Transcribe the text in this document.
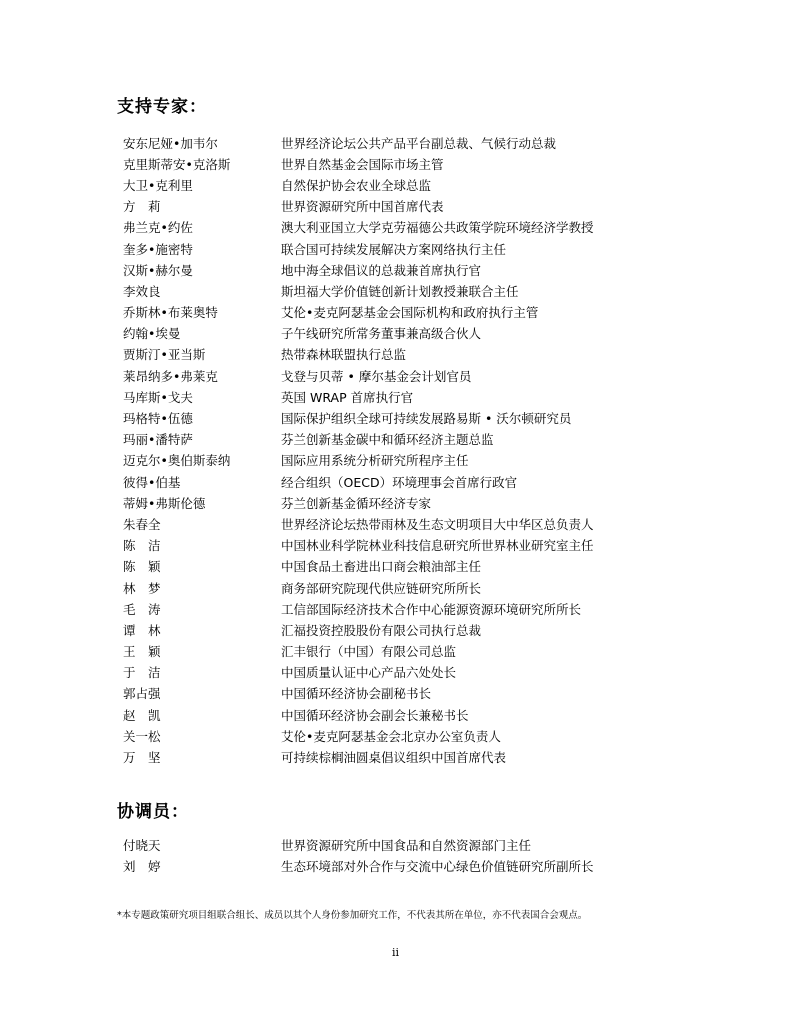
支持专家：
安东尼娅•加韦尔	世界经济论坛公共产品平台副总裁、气候行动总裁
克里斯蒂安•克洛斯	世界自然基金会国际市场主管
大卫•克利里	自然保护协会农业全球总监
方　莉	世界资源研究所中国首席代表
弗兰克•约佐	澳大利亚国立大学克劳福德公共政策学院环境经济学教授
奎多•施密特	联合国可持续发展解决方案网络执行主任
汉斯•赫尔曼	地中海全球倡议的总裁兼首席执行官
李效良	斯坦福大学价值链创新计划教授兼联合主任
乔斯林•布莱奥特	艾伦•麦克阿瑟基金会国际机构和政府执行主管
约翰•埃曼	子午线研究所常务董事兼高级合伙人
贾斯汀•亚当斯	热带森林联盟执行总监
莱昂纳多•弗莱克	戈登与贝蒂 • 摩尔基金会计划官员
马库斯•戈夫	英国 WRAP 首席执行官
玛格特•伍德	国际保护组织全球可持续发展路易斯 • 沃尔顿研究员
玛丽•潘特萨	芬兰创新基金碳中和循环经济主题总监
迈克尔•奥伯斯泰纳	国际应用系统分析研究所程序主任
彼得•伯基	经合组织（OECD）环境理事会首席行政官
蒂姆•弗斯伦德	芬兰创新基金循环经济专家
朱春全	世界经济论坛热带雨林及生态文明项目大中华区总负责人
陈　洁	中国林业科学院林业科技信息研究所世界林业研究室主任
陈　颖	中国食品土畜进出口商会粮油部主任
林　梦	商务部研究院现代供应链研究所所长
毛　涛	工信部国际经济技术合作中心能源资源环境研究所所长
谭　林	汇福投资控股股份有限公司执行总裁
王　颖	汇丰银行（中国）有限公司总监
于　洁	中国质量认证中心产品六处处长
郭占强	中国循环经济协会副秘书长
赵　凯	中国循环经济协会副会长兼秘书长
关一松	艾伦•麦克阿瑟基金会北京办公室负责人
万　坚	可持续棕榈油圆桌倡议组织中国首席代表
协调员：
付晓天	世界资源研究所中国食品和自然资源部门主任
刘　婷	生态环境部对外合作与交流中心绿色价值链研究所副所长
*本专题政策研究项目组联合组长、成员以其个人身份参加研究工作，不代表其所在单位，亦不代表国合会观点。
ii
